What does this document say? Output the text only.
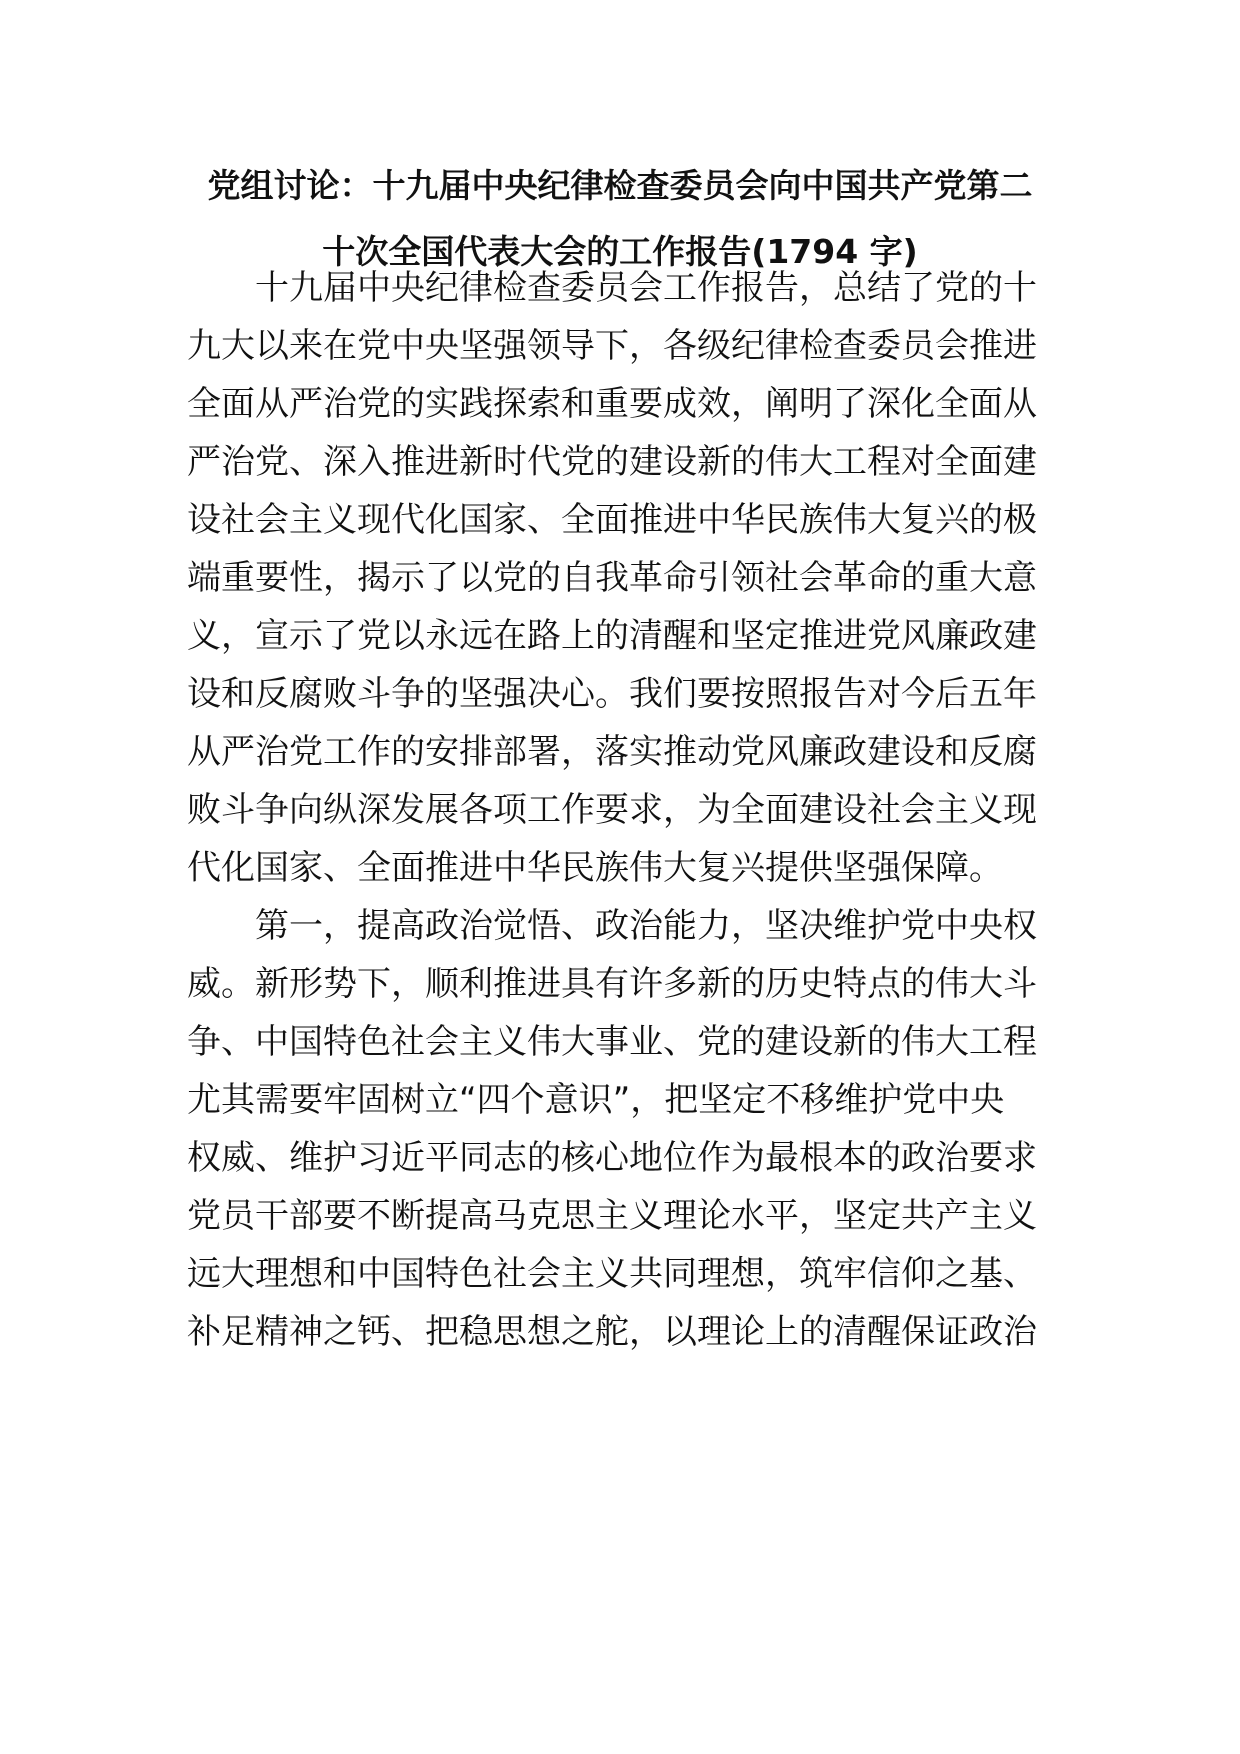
党组讨论：十九届中央纪律检查委员会向中国共产党第二
十次全国代表大会的工作报告(1794 字)
十九届中央纪律检查委员会工作报告，总结了党的十
九大以来在党中央坚强领导下，各级纪律检查委员会推进
全面从严治党的实践探索和重要成效，阐明了深化全面从
严治党、深入推进新时代党的建设新的伟大工程对全面建
设社会主义现代化国家、全面推进中华民族伟大复兴的极
端重要性，揭示了以党的自我革命引领社会革命的重大意
义，宣示了党以永远在路上的清醒和坚定推进党风廉政建
设和反腐败斗争的坚强决心。我们要按照报告对今后五年
从严治党工作的安排部署，落实推动党风廉政建设和反腐
败斗争向纵深发展各项工作要求，为全面建设社会主义现
代化国家、全面推进中华民族伟大复兴提供坚强保障。
第一，提高政治觉悟、政治能力，坚决维护党中央权
威。新形势下，顺利推进具有许多新的历史特点的伟大斗
争、中国特色社会主义伟大事业、党的建设新的伟大工程
尤其需要牢固树立“四个意识”，把坚定不移维护党中央
权威、维护习近平同志的核心地位作为最根本的政治要求
党员干部要不断提高马克思主义理论水平，坚定共产主义
远大理想和中国特色社会主义共同理想，筑牢信仰之基、
补足精神之钙、把稳思想之舵，以理论上的清醒保证政治
